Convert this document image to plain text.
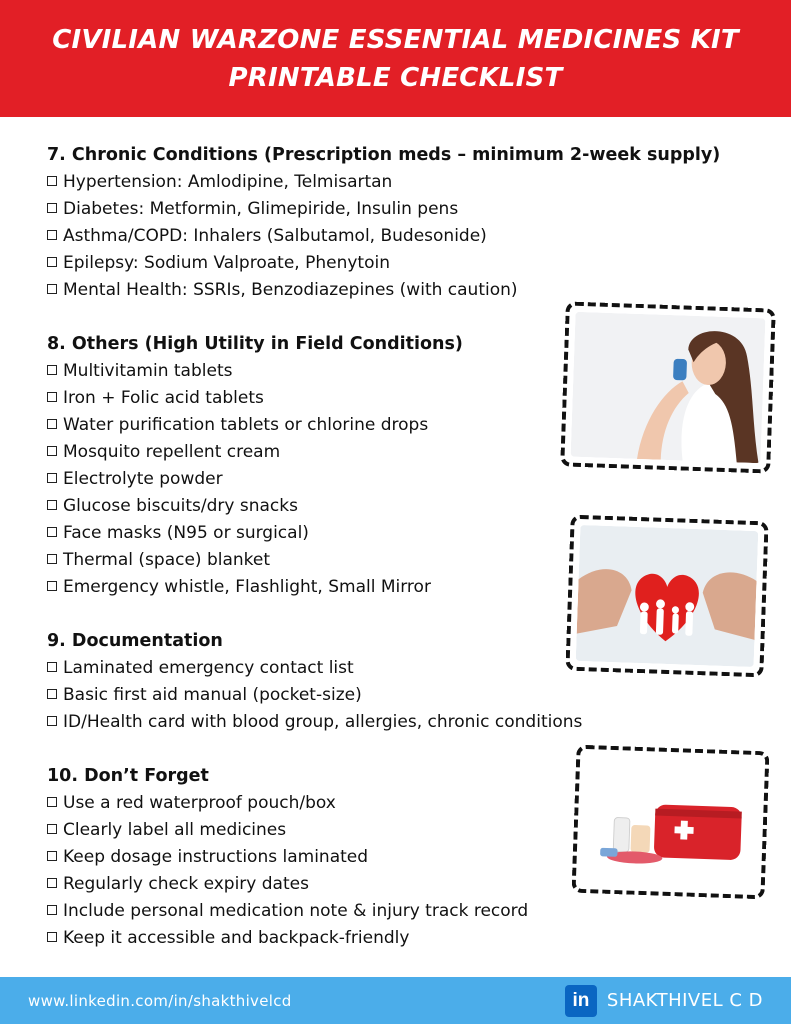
CIVILIAN WARZONE ESSENTIAL MEDICINES KIT
PRINTABLE CHECKLIST
7. Chronic Conditions (Prescription meds – minimum 2-week supply)
Hypertension: Amlodipine, Telmisartan
Diabetes: Metformin, Glimepiride, Insulin pens
Asthma/COPD: Inhalers (Salbutamol, Budesonide)
Epilepsy: Sodium Valproate, Phenytoin
Mental Health: SSRIs, Benzodiazepines (with caution)
8. Others (High Utility in Field Conditions)
Multivitamin tablets
Iron + Folic acid tablets
Water purification tablets or chlorine drops
Mosquito repellent cream
Electrolyte powder
Glucose biscuits/dry snacks
Face masks (N95 or surgical)
Thermal (space) blanket
Emergency whistle, Flashlight, Small Mirror
9. Documentation
Laminated emergency contact list
Basic first aid manual (pocket-size)
ID/Health card with blood group, allergies, chronic conditions
10. Don’t Forget
Use a red waterproof pouch/box
Clearly label all medicines
Keep dosage instructions laminated
Regularly check expiry dates
Include personal medication note & injury track record
Keep it accessible and backpack-friendly
www.linkedin.com/in/shakthivelcd	in SHAKTHIVEL C D
